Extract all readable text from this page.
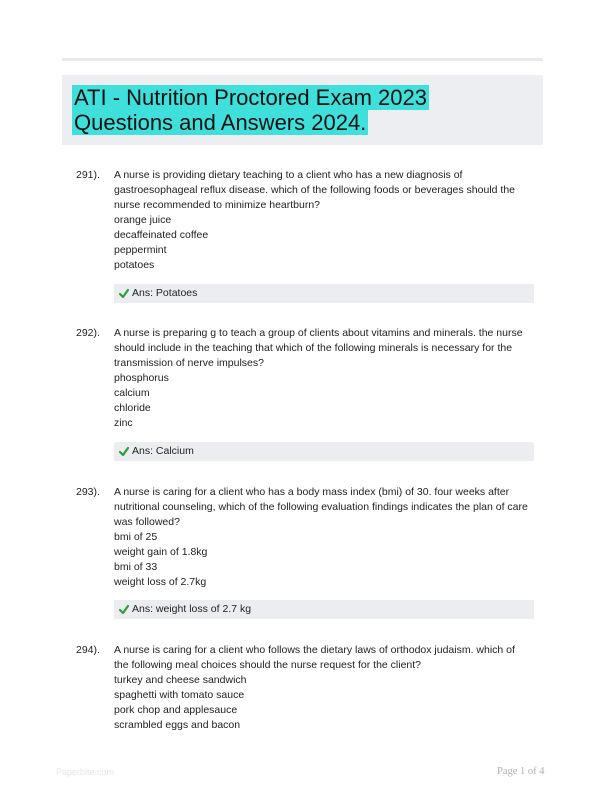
ATI - Nutrition Proctored Exam 2023 Questions and Answers 2024.
291). A nurse is providing dietary teaching to a client who has a new diagnosis of gastroesophageal reflux disease. which of the following foods or beverages should the nurse recommended to minimize heartburn?

orange juice
decaffeinated coffee
peppermint
potatoes
Ans: Potatoes
292). A nurse is preparing g to teach a group of clients about vitamins and minerals. the nurse should include in the teaching that which of the following minerals is necessary for the transmission of nerve impulses?

phosphorus
calcium
chloride
zinc
Ans: Calcium
293). A nurse is caring for a client who has a body mass index (bmi) of 30. four weeks after nutritional counseling, which of the following evaluation findings indicates the plan of care was followed?

bmi of 25
weight gain of 1.8kg
bmi of 33
weight loss of 2.7kg
Ans: weight loss of 2.7 kg
294). A nurse is caring for a client who follows the dietary laws of orthodox judaism. which of the following meal choices should the nurse request for the client?

turkey and cheese sandwich
spaghetti with tomato sauce
pork chop and applesauce
scrambled eggs and bacon
Paperbite.com	Page 1 of 4
